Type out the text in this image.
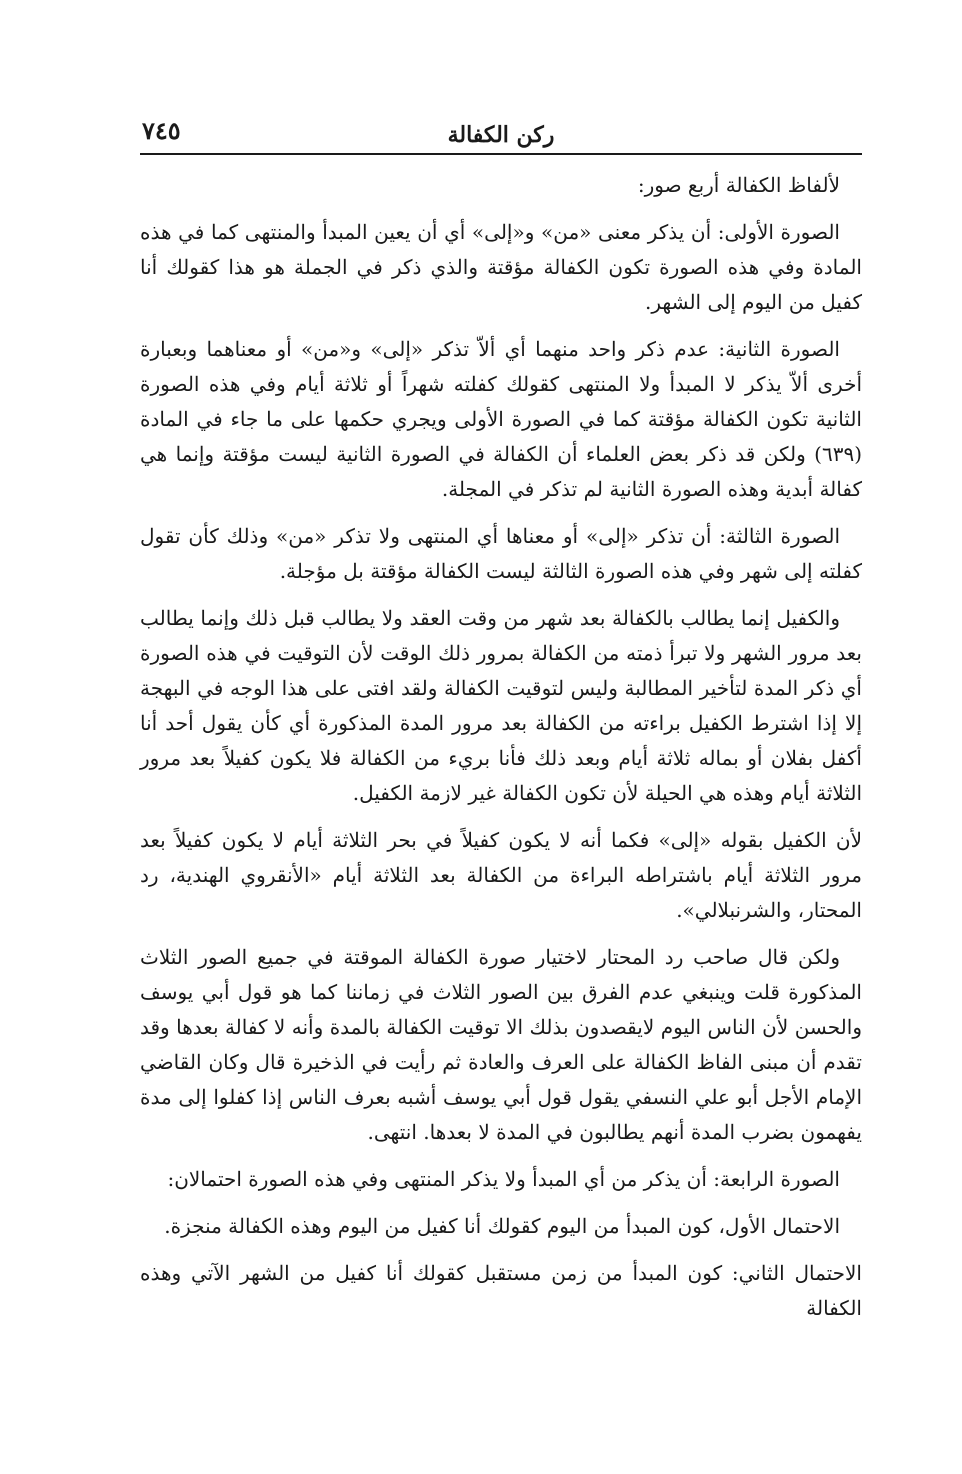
٧٤٥	ركن الكفالة

لألفاظ الكفالة أربع صور:

الصورة الأولى: أن يذكر معنى «من» و«إلى» أي أن يعين المبدأ والمنتهى كما في هذه المادة وفي هذه الصورة تكون الكفالة مؤقتة والذي ذكر في الجملة هو هذا كقولك أنا كفيل من اليوم إلى الشهر.

الصورة الثانية: عدم ذكر واحد منهما أي ألاّ تذكر «إلى» و«من» أو معناهما وبعبارة أخرى ألاّ يذكر لا المبدأ ولا المنتهى كقولك كفلته شهراً أو ثلاثة أيام وفي هذه الصورة الثانية تكون الكفالة مؤقتة كما في الصورة الأولى ويجري حكمها على ما جاء في المادة (٦٣٩) ولكن قد ذكر بعض العلماء أن الكفالة في الصورة الثانية ليست مؤقتة وإنما هي كفالة أبدية وهذه الصورة الثانية لم تذكر في المجلة.

الصورة الثالثة: أن تذكر «إلى» أو معناها أي المنتهى ولا تذكر «من» وذلك كأن تقول كفلته إلى شهر وفي هذه الصورة الثالثة ليست الكفالة مؤقتة بل مؤجلة.

والكفيل إنما يطالب بالكفالة بعد شهر من وقت العقد ولا يطالب قبل ذلك وإنما يطالب بعد مرور الشهر ولا تبرأ ذمته من الكفالة بمرور ذلك الوقت لأن التوقيت في هذه الصورة أي ذكر المدة لتأخير المطالبة وليس لتوقيت الكفالة ولقد افتى على هذا الوجه في البهجة إلا إذا اشترط الكفيل براءته من الكفالة بعد مرور المدة المذكورة أي كأن يقول أحد أنا أكفل بفلان أو بماله ثلاثة أيام وبعد ذلك فأنا بريء من الكفالة فلا يكون كفيلاً بعد مرور الثلاثة أيام وهذه هي الحيلة لأن تكون الكفالة غير لازمة الكفيل.

لأن الكفيل بقوله «إلى» فكما أنه لا يكون كفيلاً في بحر الثلاثة أيام لا يكون كفيلاً بعد مرور الثلاثة أيام باشتراطه البراءة من الكفالة بعد الثلاثة أيام «الأنقروي الهندية، رد المحتار، والشرنبلالي».

ولكن قال صاحب رد المحتار لاختيار صورة الكفالة الموقتة في جميع الصور الثلاث المذكورة قلت وينبغي عدم الفرق بين الصور الثلاث في زماننا كما هو قول أبي يوسف والحسن لأن الناس اليوم لايقصدون بذلك الا توقيت الكفالة بالمدة وأنه لا كفالة بعدها وقد تقدم أن مبنى الفاظ الكفالة على العرف والعادة ثم رأيت في الذخيرة قال وكان القاضي الإمام الأجل أبو علي النسفي يقول قول أبي يوسف أشبه بعرف الناس إذا كفلوا إلى مدة يفهمون بضرب المدة أنهم يطالبون في المدة لا بعدها. انتهى.

الصورة الرابعة: أن يذكر من أي المبدأ ولا يذكر المنتهى وفي هذه الصورة احتمالان:

الاحتمال الأول، كون المبدأ من اليوم كقولك أنا كفيل من اليوم وهذه الكفالة منجزة.

الاحتمال الثاني: كون المبدأ من زمن مستقبل كقولك أنا كفيل من الشهر الآتي وهذه الكفالة
